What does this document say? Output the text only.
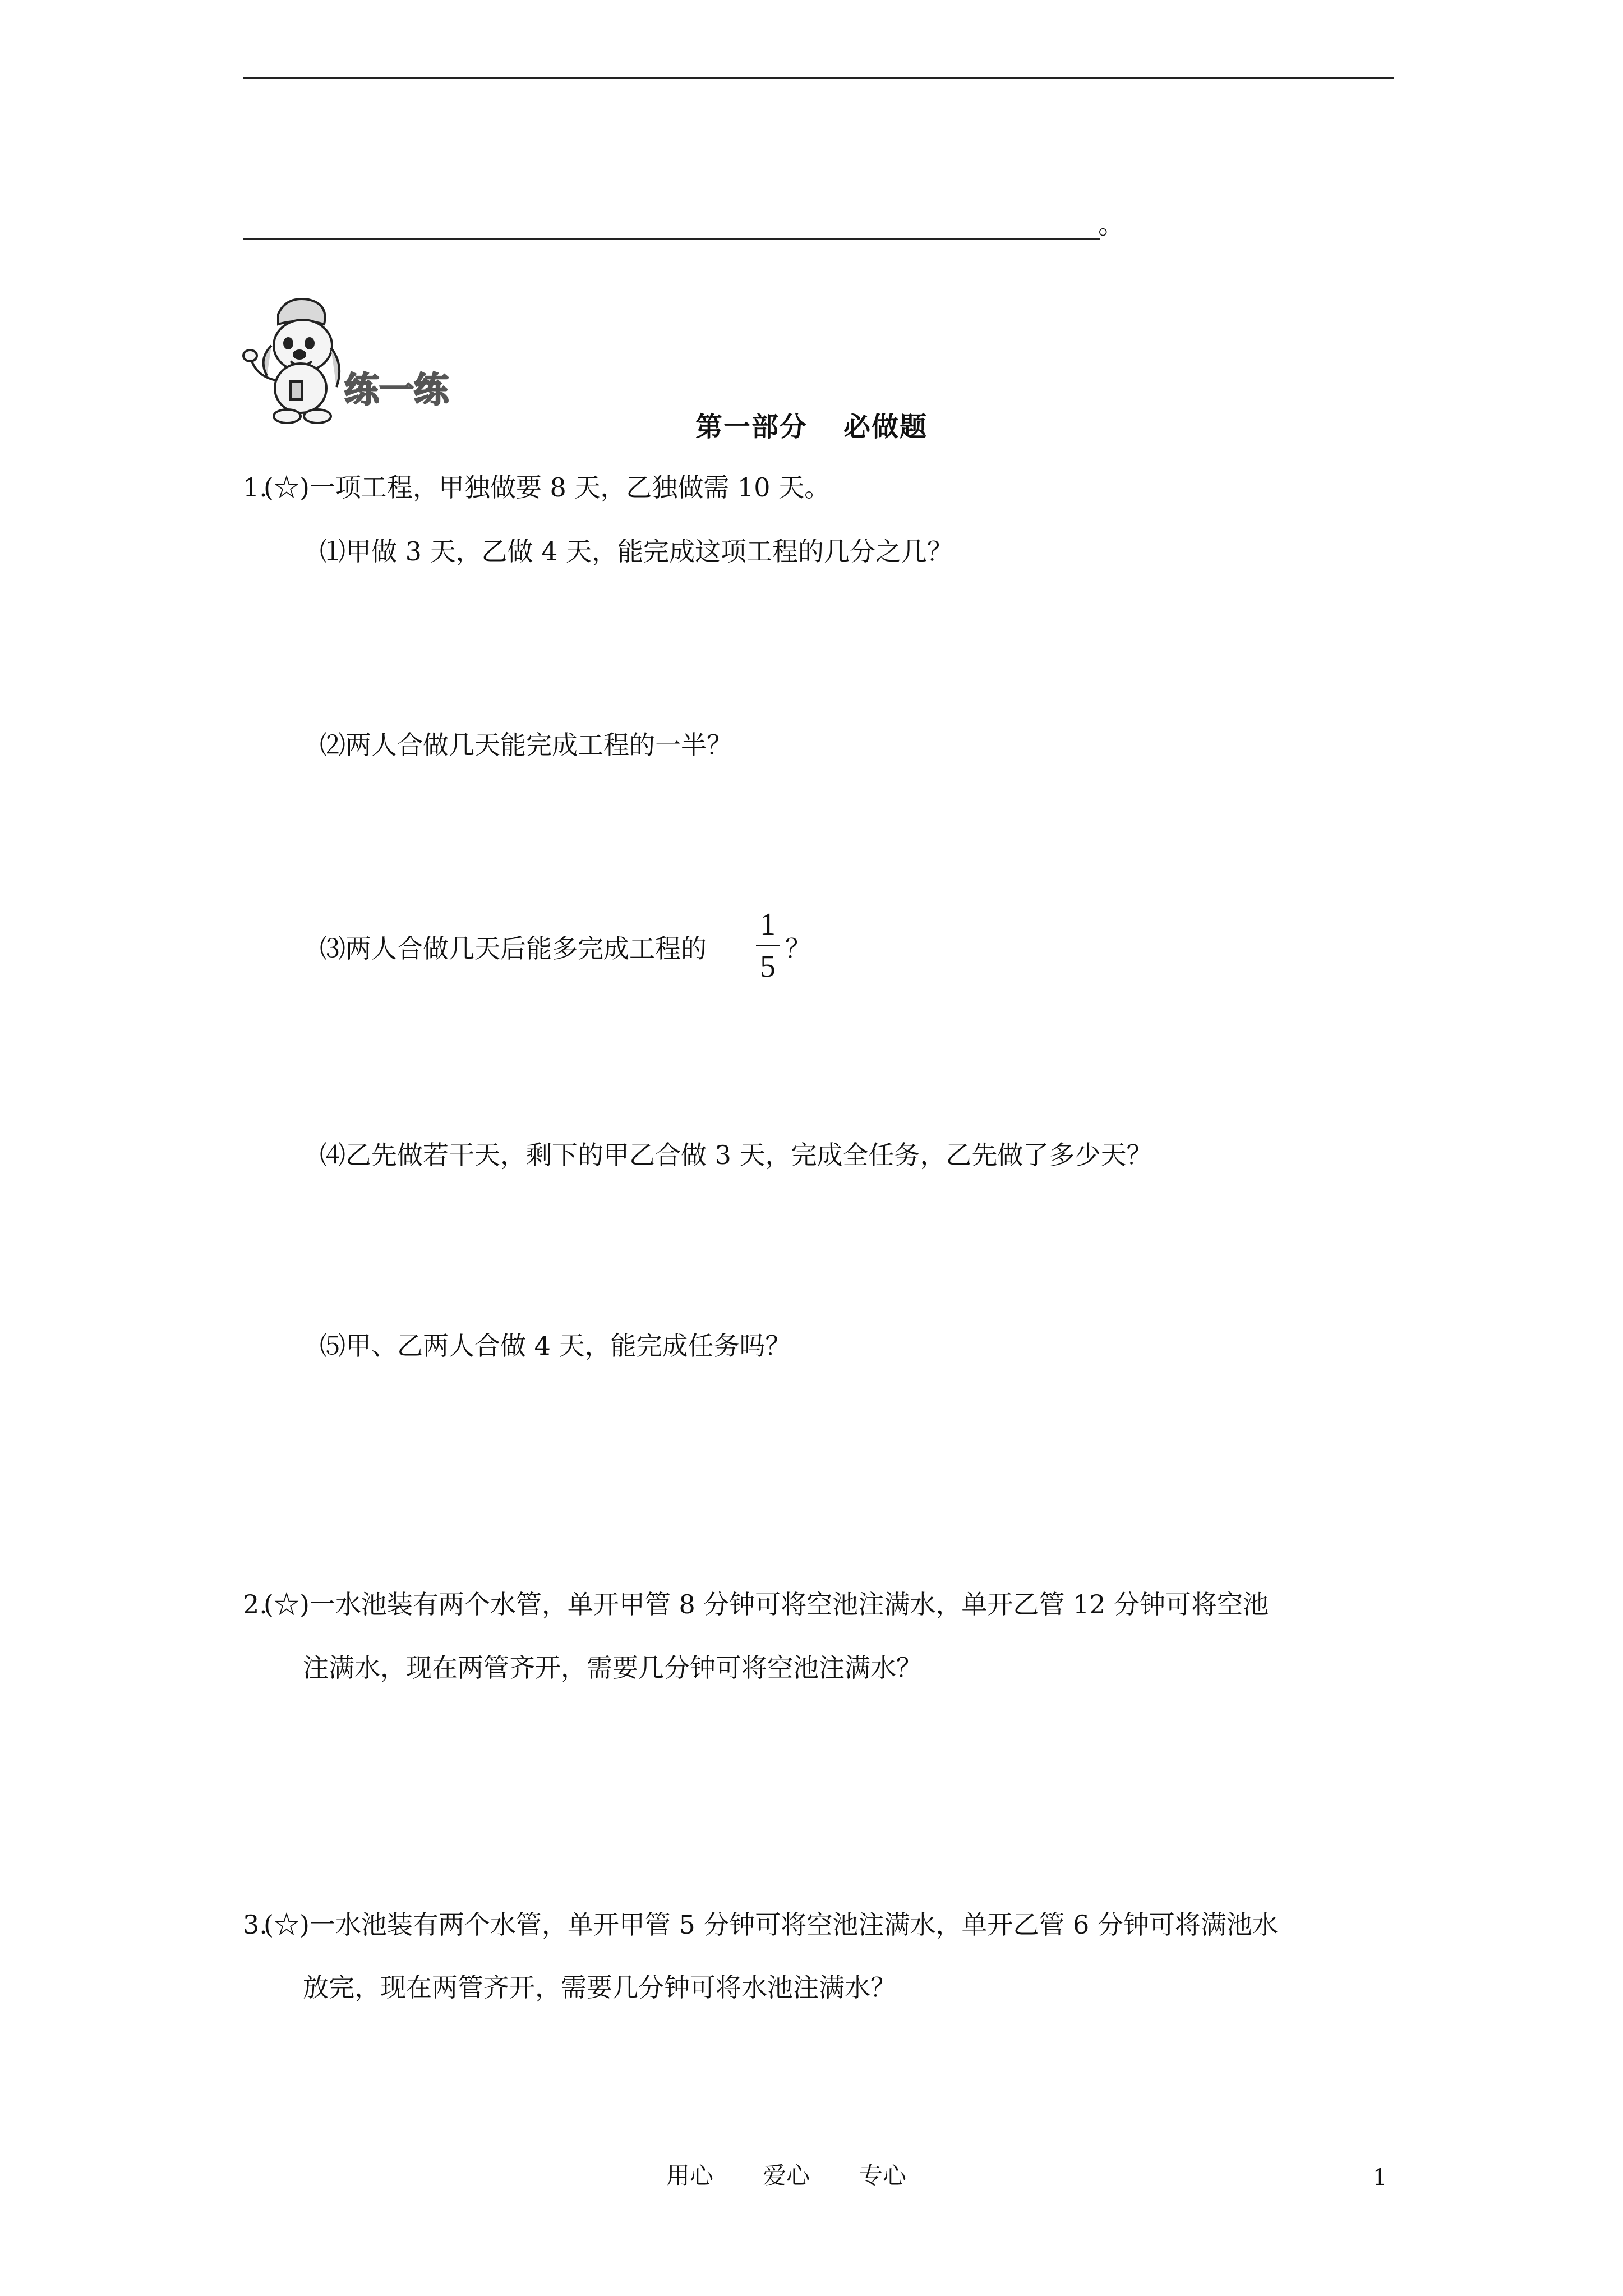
。
练一练
第一部分 必做题
1.
(☆)一项工程，甲独做要 8 天，乙独做需 10 天。
⑴甲做 3 天，乙做 4 天，能完成这项工程的几分之几？
⑵两人合做几天能完成工程的一半？
⑶两人合做几天后能多完成工程的
1
5
？
⑷乙先做若干天，剩下的甲乙合做 3 天，完成全任务，乙先做了多少天？
⑸甲、乙两人合做 4 天，能完成任务吗？
2.
(☆)一水池装有两个水管，单开甲管 8 分钟可将空池注满水，单开乙管 12 分钟可将空池
注满水，现在两管齐开，需要几分钟可将空池注满水？
3.
(☆)一水池装有两个水管，单开甲管 5 分钟可将空池注满水，单开乙管 6 分钟可将满池水
放完，现在两管齐开，需要几分钟可将水池注满水？
用心 爱心 专心	1
